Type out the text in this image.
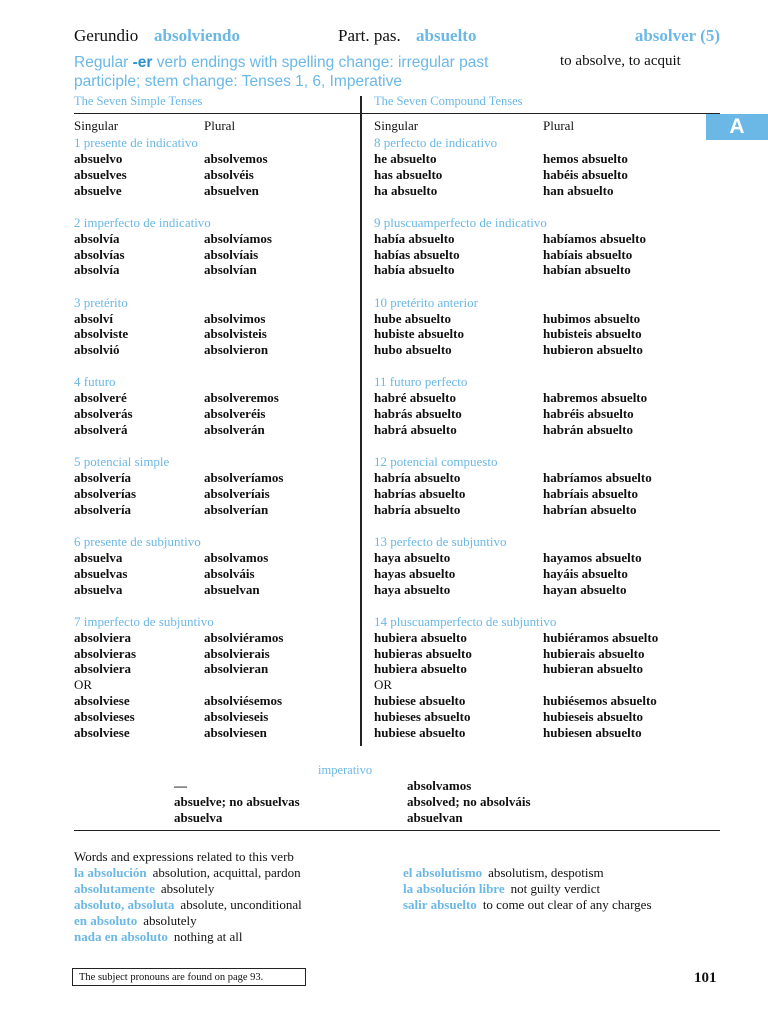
Gerundio absolviendo	Part. pas. absuelto	absolver (5)
Regular -er verb endings with spelling change: irregular past participle; stem change: Tenses 1, 6, Imperative
to absolve, to acquit
The Seven Simple Tenses	The Seven Compound Tenses
A
Singular	Plural	Singular	Plural
1 presente de indicativo
absuelvo	absolvemos
absuelves	absolvéis
absuelve	absuelven
2 imperfecto de indicativo
absolvía	absolvíamos
absolvías	absolvíais
absolvía	absolvían
3 pretérito
absolví	absolvimos
absolviste	absolvisteis
absolvió	absolvieron
4 futuro
absolveré	absolveremos
absolverás	absolveréis
absolverá	absolverán
5 potencial simple
absolvería	absolveríamos
absolverías	absolveríais
absolvería	absolverían
6 presente de subjuntivo
absuelva	absolvamos
absuelvas	absolváis
absuelva	absuelvan
7 imperfecto de subjuntivo
absolviera	absolviéramos
absolvieras	absolvierais
absolviera	absolvieran
OR
absolviese	absolviésemos
absolvieses	absolvieseis
absolviese	absolviesen
8 perfecto de indicativo
he absuelto	hemos absuelto
has absuelto	habéis absuelto
ha absuelto	han absuelto
9 pluscuamperfecto de indicativo
había absuelto	habíamos absuelto
habías absuelto	habíais absuelto
había absuelto	habían absuelto
10 pretérito anterior
hube absuelto	hubimos absuelto
hubiste absuelto	hubisteis absuelto
hubo absuelto	hubieron absuelto
11 futuro perfecto
habré absuelto	habremos absuelto
habrás absuelto	habréis absuelto
habrá absuelto	habrán absuelto
12 potencial compuesto
habría absuelto	habríamos absuelto
habrías absuelto	habríais absuelto
habría absuelto	habrían absuelto
13 perfecto de subjuntivo
haya absuelto	hayamos absuelto
hayas absuelto	hayáis absuelto
haya absuelto	hayan absuelto
14 pluscuamperfecto de subjuntivo
hubiera absuelto	hubiéramos absuelto
hubieras absuelto	hubierais absuelto
hubiera absuelto	hubieran absuelto
OR
hubiese absuelto	hubiésemos absuelto
hubieses absuelto	hubieseis absuelto
hubiese absuelto	hubiesen absuelto
imperativo
—	absolvamos
absuelve; no absuelvas	absolved; no absolváis
absuelva	absuelvan
Words and expressions related to this verb
la absolución absolution, acquittal, pardon
absolutamente absolutely
absoluto, absoluta absolute, unconditional
en absoluto absolutely
nada en absoluto nothing at all
el absolutismo absolutism, despotism
la absolución libre not guilty verdict
salir absuelto to come out clear of any charges
The subject pronouns are found on page 93.	101
